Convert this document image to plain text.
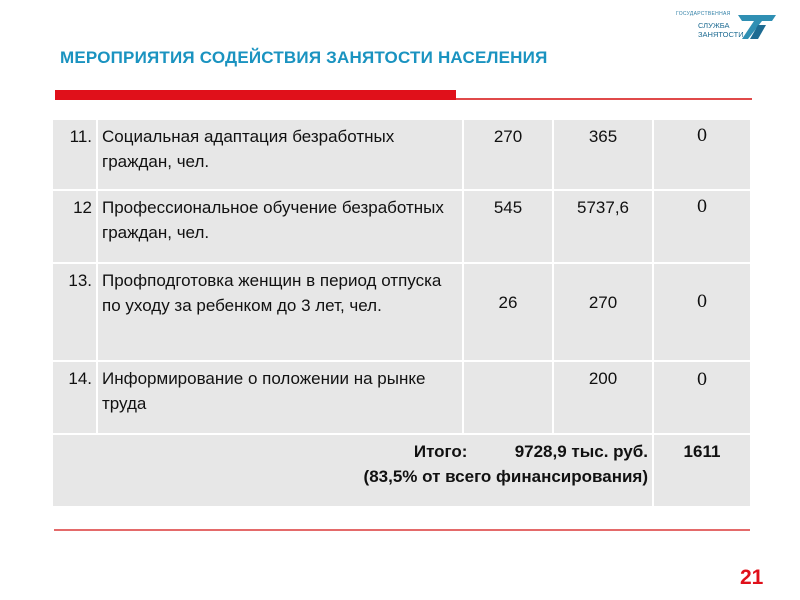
ГОСУДАРСТВЕННАЯ
СЛУЖБА
ЗАНЯТОСТИ
МЕРОПРИЯТИЯ СОДЕЙСТВИЯ ЗАНЯТОСТИ НАСЕЛЕНИЯ
11.	Социальная адаптация безработных граждан, чел.	270	365	0
12	Профессиональное обучение безработных граждан, чел.	545	5737,6	0
13.	Профподготовка женщин в период отпуска по уходу за ребенком до 3 лет, чел.	26	270	0
14.	Информирование о положении на рынке труда		200	0

Итого: 9728,9 тыс. руб.
(83,5% от всего финансирования)				1611
21
